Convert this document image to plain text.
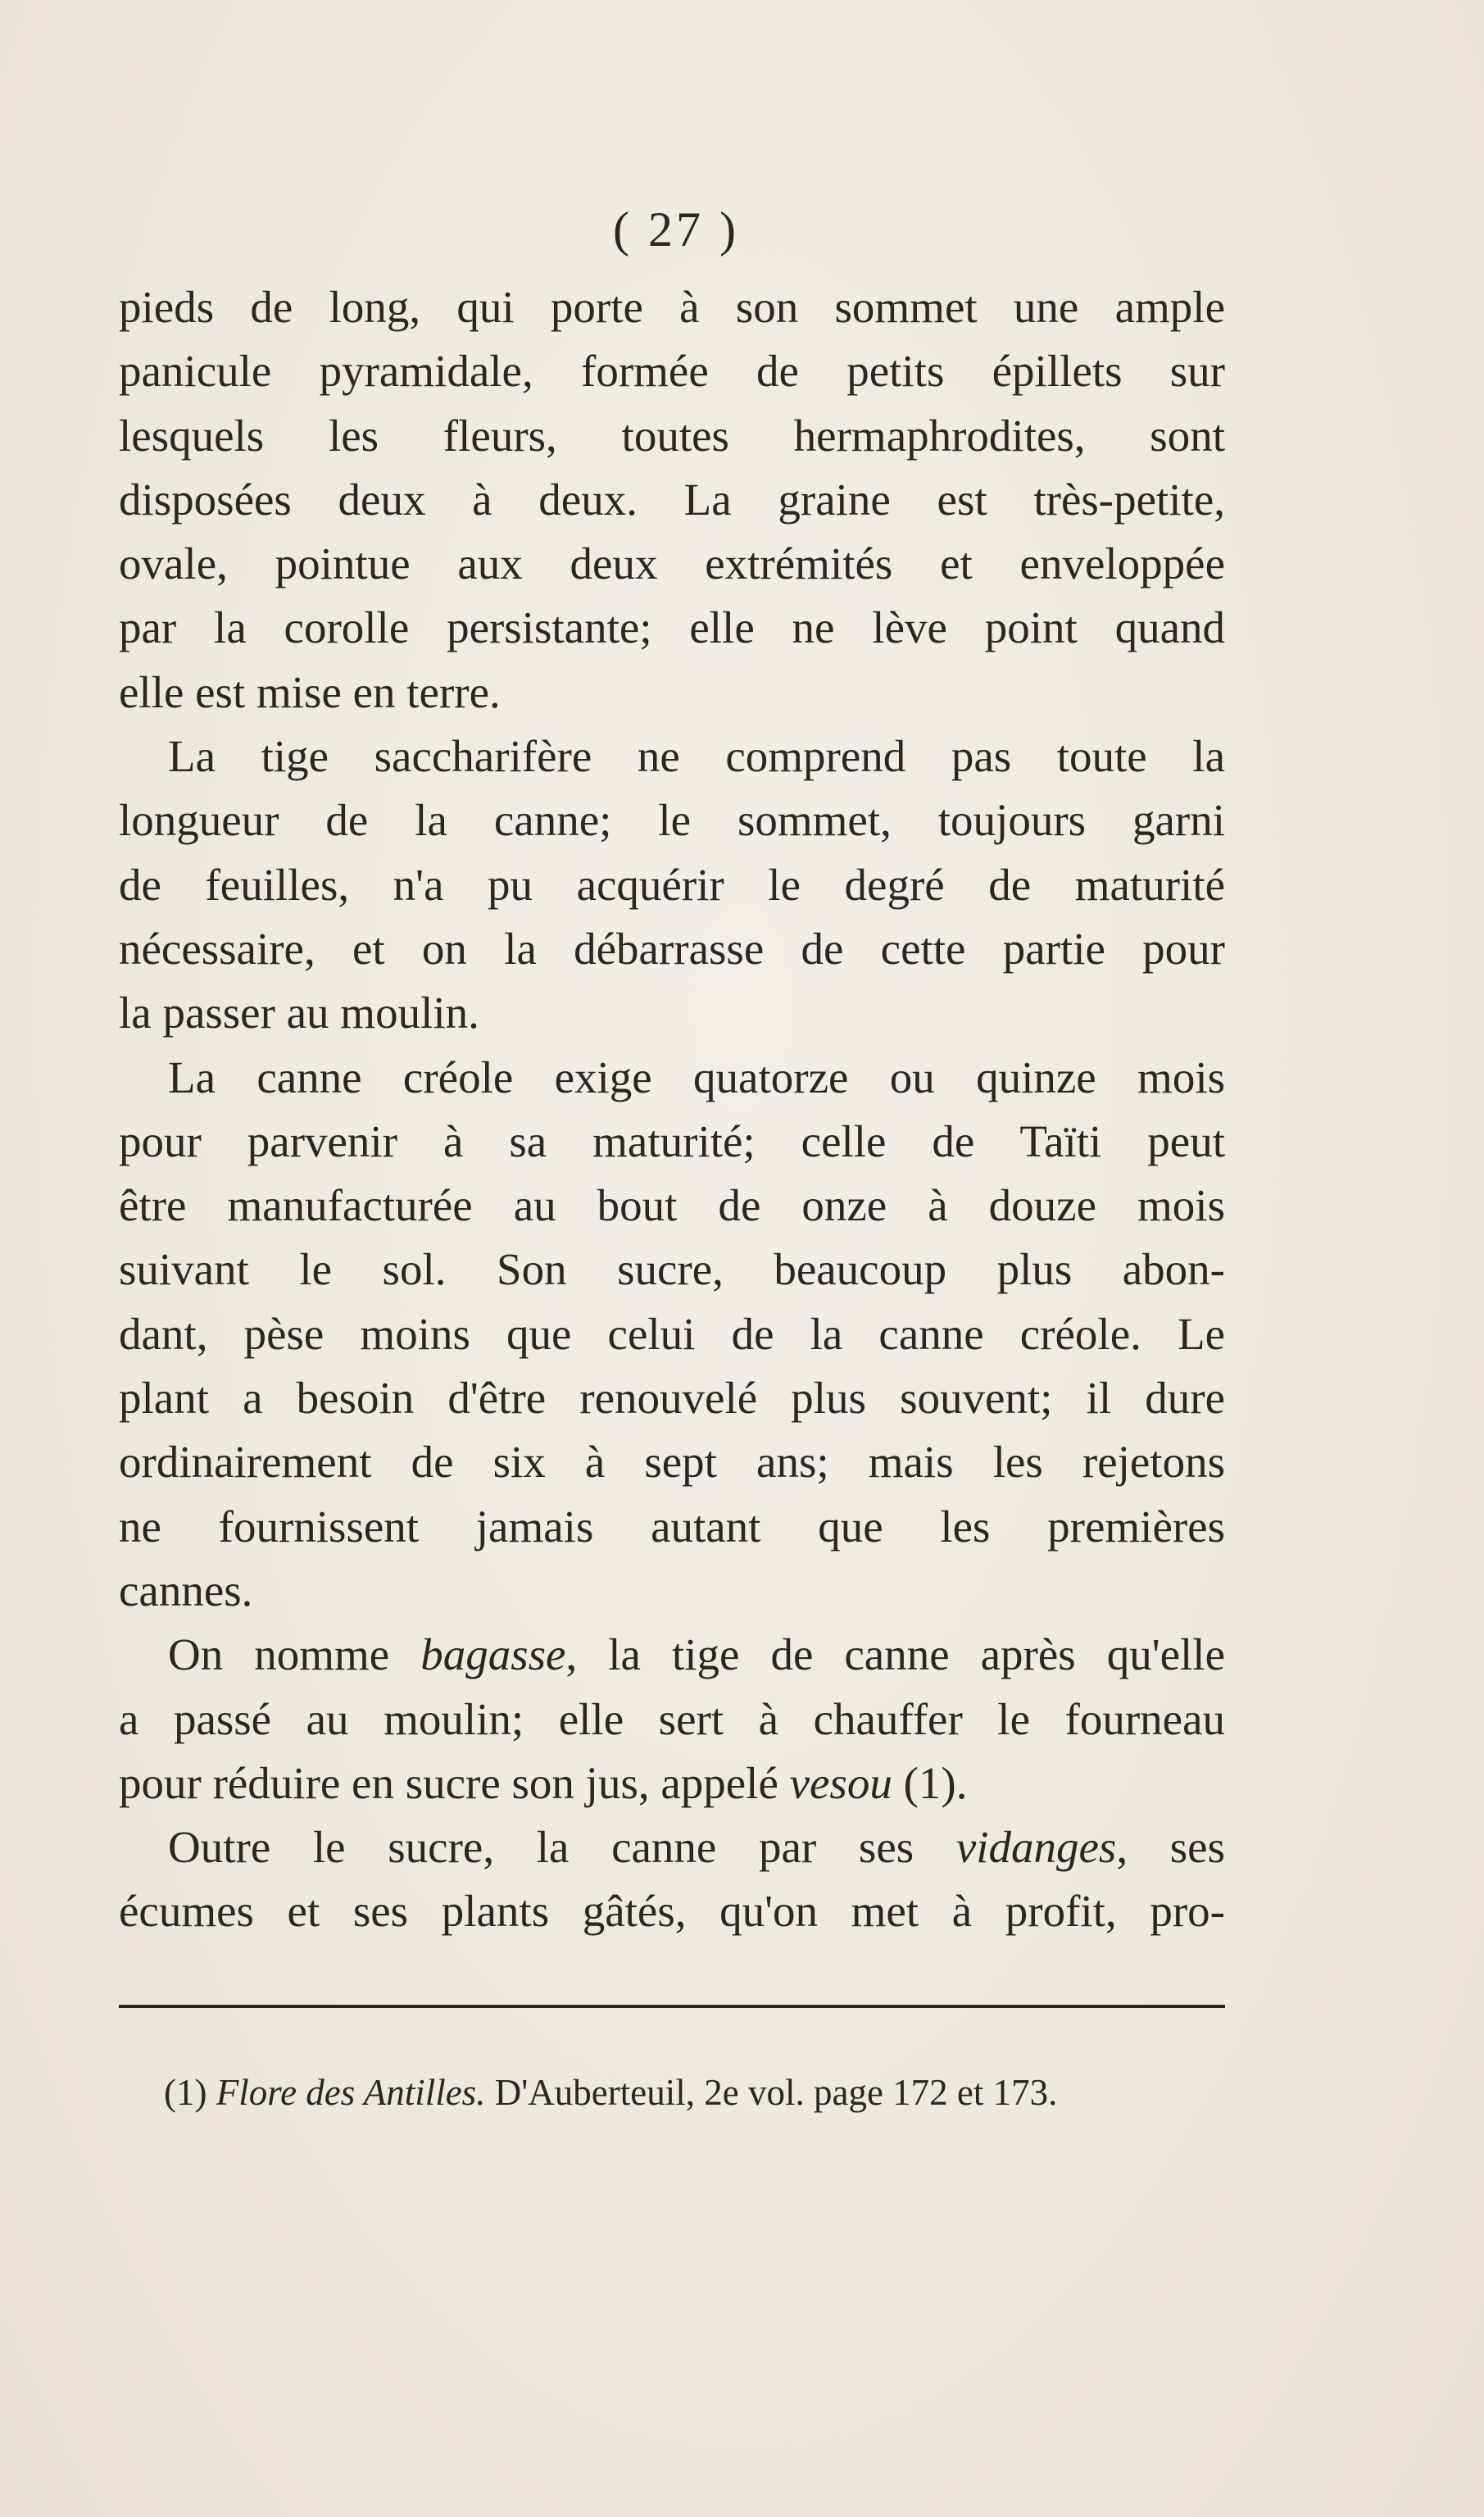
( 27 )
pieds de long, qui porte à son sommet une ample
panicule pyramidale, formée de petits épillets sur
lesquels les fleurs, toutes hermaphrodites, sont
disposées deux à deux. La graine est très-petite,
ovale, pointue aux deux extrémités et enveloppée
par la corolle persistante; elle ne lève point quand
elle est mise en terre.
La tige saccharifère ne comprend pas toute la
longueur de la canne; le sommet, toujours garni
de feuilles, n'a pu acquérir le degré de maturité
nécessaire, et on la débarrasse de cette partie pour
la passer au moulin.
La canne créole exige quatorze ou quinze mois
pour parvenir à sa maturité; celle de Taïti peut
être manufacturée au bout de onze à douze mois
suivant le sol. Son sucre, beaucoup plus abon-
dant, pèse moins que celui de la canne créole. Le
plant a besoin d'être renouvelé plus souvent; il dure
ordinairement de six à sept ans; mais les rejetons
ne fournissent jamais autant que les premières
cannes.
On nomme bagasse, la tige de canne après qu'elle
a passé au moulin; elle sert à chauffer le fourneau
pour réduire en sucre son jus, appelé vesou (1).
Outre le sucre, la canne par ses vidanges, ses
écumes et ses plants gâtés, qu'on met à profit, pro-
(1) Flore des Antilles. D'Auberteuil, 2e vol. page 172 et 173.
